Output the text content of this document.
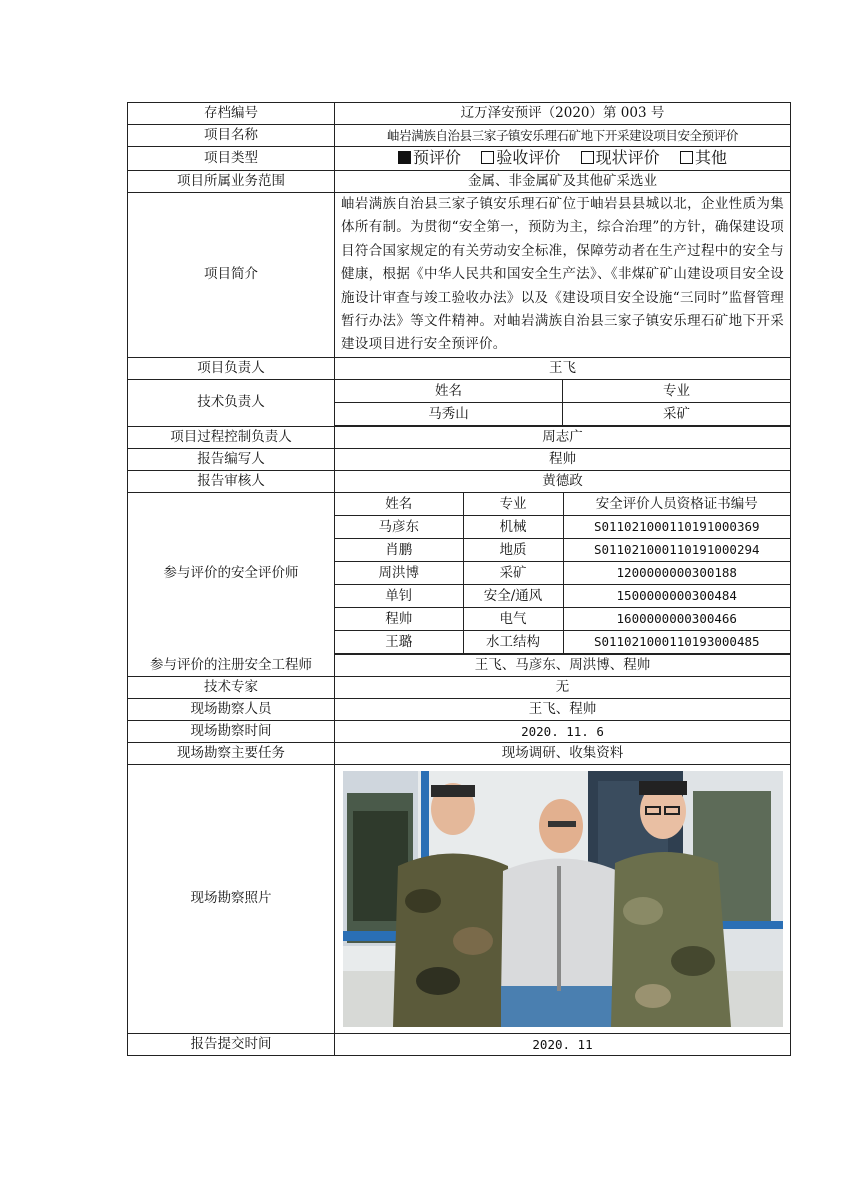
存档编号	辽万泽安预评（2020）第 003 号
项目名称	岫岩满族自治县三家子镇安乐理石矿地下开采建设项目安全预评价
项目类型	预评价 验收评价 现状评价 其他
项目所属业务范围	金属、非金属矿及其他矿采选业
项目简介	岫岩满族自治县三家子镇安乐理石矿位于岫岩县县城以北，企业性质为集体所有制。为贯彻“安全第一，预防为主，综合治理”的方针，确保建设项目符合国家规定的有关劳动安全标准，保障劳动者在生产过程中的安全与健康，根据《中华人民共和国安全生产法》、《非煤矿矿山建设项目安全设施设计审查与竣工验收办法》以及《建设项目安全设施“三同时”监督管理暂行办法》等文件精神。对岫岩满族自治县三家子镇安乐理石矿地下开采建设项目进行安全预评价。
项目负责人	王飞
技术负责人	
姓名	专业
马秀山	采矿

项目过程控制负责人	周志广
报告编写人	程帅
报告审核人	黄德政
参与评价的安全评价师	
姓名	专业	安全评价人员资格证书编号
马彦东	机械	S011021000110191000369
肖鹏	地质	S011021000110191000294
周洪博	采矿	1200000000300188
单钊	安全/通风	1500000000300484
程帅	电气	1600000000300466
王璐	水工结构	S011021000110193000485

参与评价的注册安全工程师	王飞、马彦东、周洪博、程帅
技术专家	无
现场勘察人员	王飞、程帅
现场勘察时间	2020. 11. 6
现场勘察主要任务	现场调研、收集资料
现场勘察照片	

报告提交时间	2020. 11
